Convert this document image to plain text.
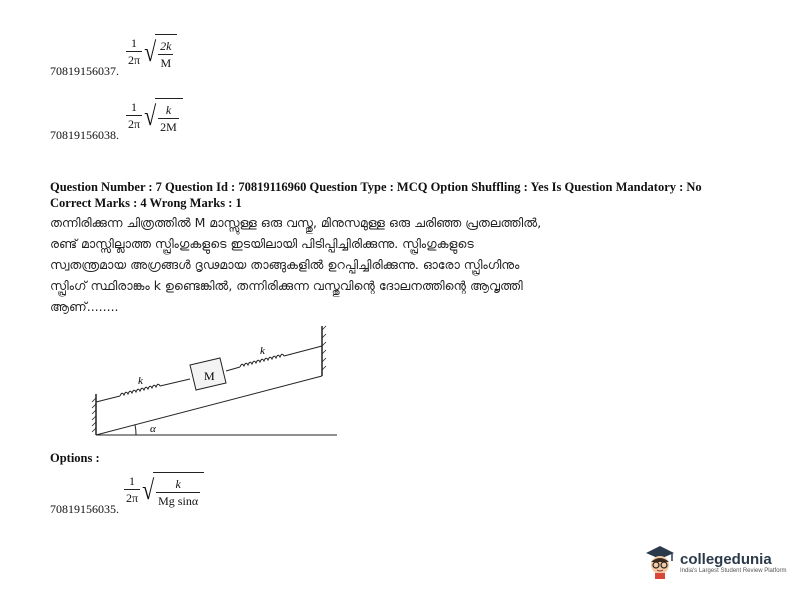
$\frac{1}{2\pi}$ √ $\frac{2k}{M}$
70819156037.
$\frac{1}{2\pi}$ √ $\frac{k}{2M}$
70819156038.
Question Number : 7 Question Id : 70819116960 Question Type : MCQ Option Shuffling : Yes Is Question Mandatory : No
Correct Marks : 4 Wrong Marks : 1
തന്നിരിക്കുന്ന ചിത്രത്തിൽ M മാസ്സുള്ള ഒരു വസ്തു, മിനുസമുള്ള ഒരു ചരിഞ്ഞ പ്രതലത്തിൽ,
രണ്ട് മാസ്സില്ലാത്ത സ്പ്രിംഗുകളുടെ ഇടയിലായി പിടിപ്പിച്ചിരിക്കുന്നു. സ്പ്രിംഗുകളുടെ
സ്വതന്ത്രമായ അഗ്രങ്ങൾ ദൃഢമായ താങ്ങുകളിൽ ഉറപ്പിച്ചിരിക്കുന്നു. ഓരോ സ്പ്രിംഗിനും
സ്പ്രിംഗ് സ്ഥിരാങ്കം k ഉണ്ടെങ്കിൽ, തന്നിരിക്കുന്ന വസ്തുവിന്റെ ദോലനത്തിന്റെ ആവൃത്തി
ആണ്........
M
k
k
α
Options :
$\frac{1}{2\pi}$ √ $\frac{k}{\text{Mg sinα}}$
70819156035.
collegedunia
India's Largest Student Review Platform
